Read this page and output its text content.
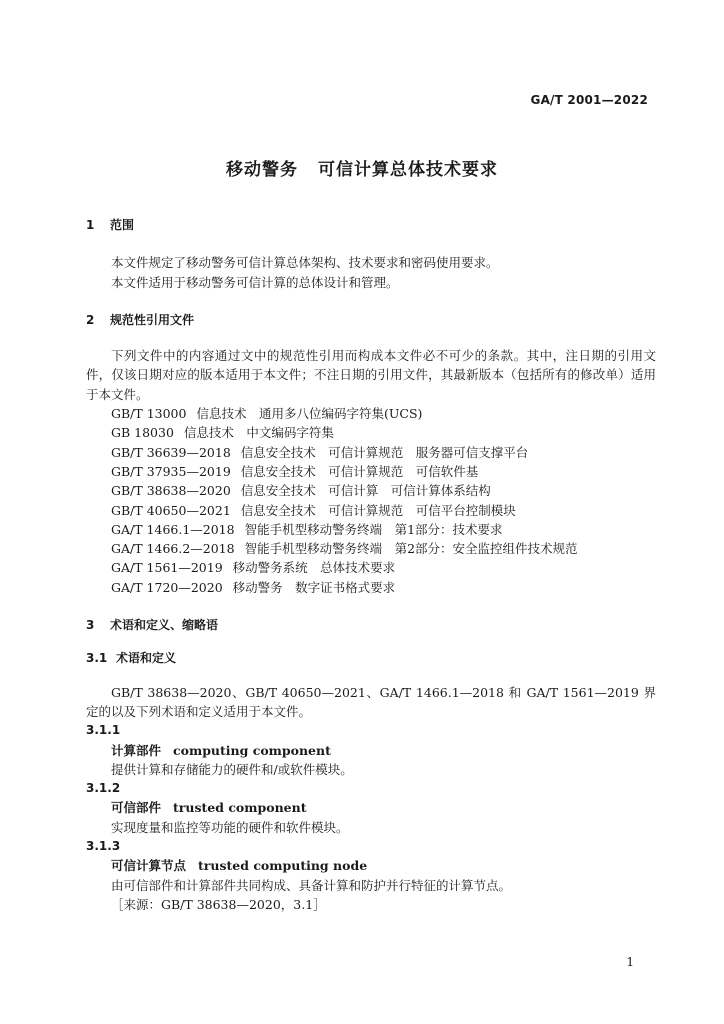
GA/T 2001—2022
移动警务 可信计算总体技术要求
1 范围
本文件规定了移动警务可信计算总体架构、技术要求和密码使用要求。
本文件适用于移动警务可信计算的总体设计和管理。
2 规范性引用文件

下列文件中的内容通过文中的规范性引用而构成本文件必不可少的条款。其中，注日期的引用文件，仅该日期对应的版本适用于本文件；不注日期的引用文件，其最新版本（包括所有的修改单）适用于本文件。

GB/T 13000 信息技术　通用多八位编码字符集(UCS)
GB 18030 信息技术　中文编码字符集
GB/T 36639—2018 信息安全技术　可信计算规范　服务器可信支撑平台
GB/T 37935—2019 信息安全技术　可信计算规范　可信软件基
GB/T 38638—2020 信息安全技术　可信计算　可信计算体系结构
GB/T 40650—2021 信息安全技术　可信计算规范　可信平台控制模块
GA/T 1466.1—2018 智能手机型移动警务终端　第1部分：技术要求
GA/T 1466.2—2018 智能手机型移动警务终端　第2部分：安全监控组件技术规范
GA/T 1561—2019 移动警务系统　总体技术要求
GA/T 1720—2020 移动警务　数字证书格式要求
3 术语和定义、缩略语
3.1 术语和定义

GB/T 38638—2020、GB/T 40650—2021、GA/T 1466.1—2018 和 GA/T 1561—2019 界定的以及下列术语和定义适用于本文件。

3.1.1
计算部件 computing component
提供计算和存储能力的硬件和/或软件模块。
3.1.2
可信部件 trusted component
实现度量和监控等功能的硬件和软件模块。
3.1.3
可信计算节点 trusted computing node
由可信部件和计算部件共同构成、具备计算和防护并行特征的计算节点。
［来源：GB/T 38638—2020，3.1］
1
